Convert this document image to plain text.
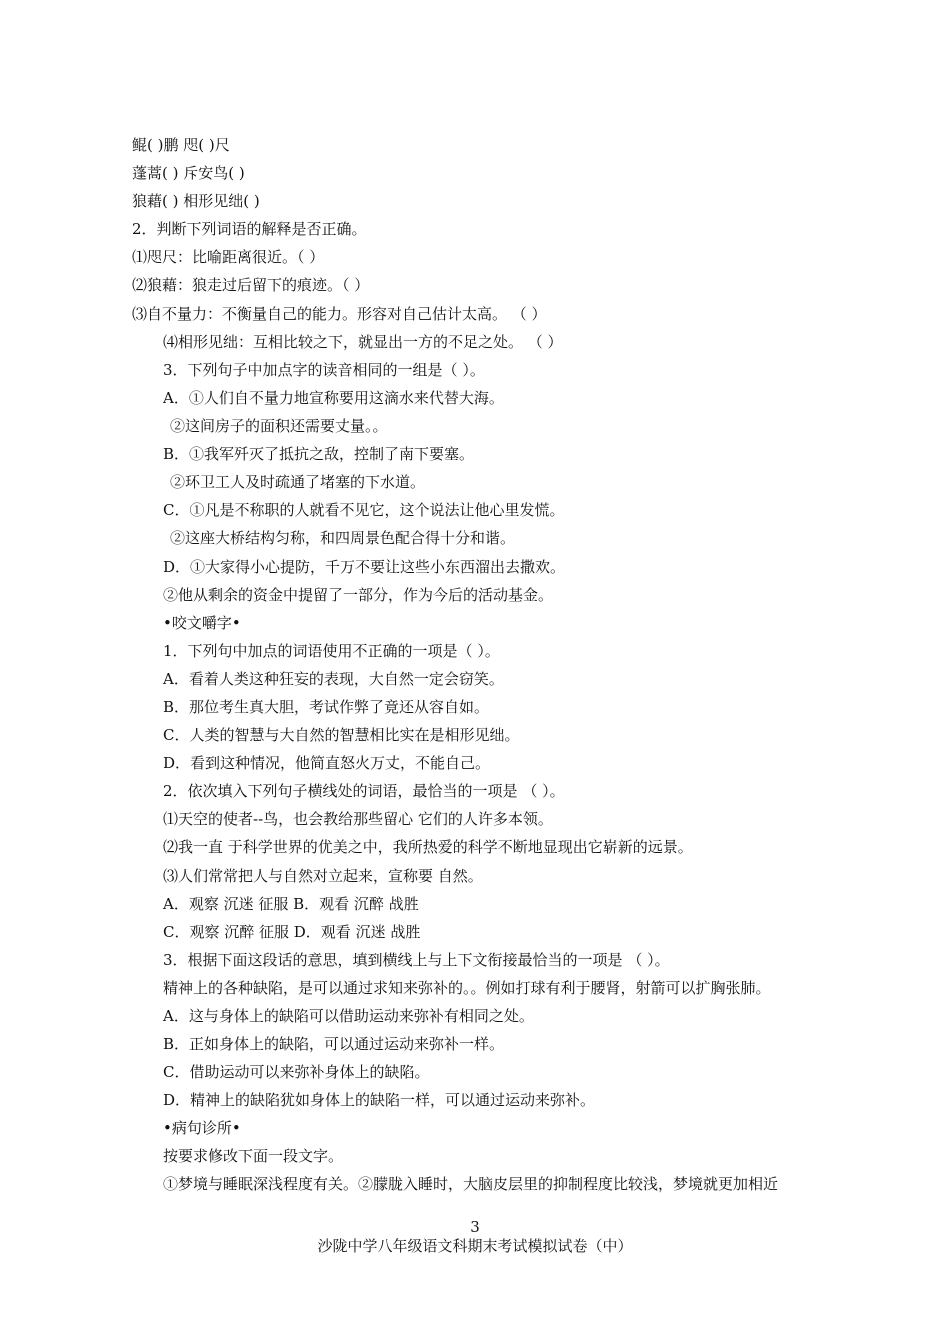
鲲( )鹏 咫( )尺
蓬蒿( ) 斥安鸟( )
狼藉( ) 相形见绌( )
2．判断下列词语的解释是否正确。
⑴咫尺：比喻距离很近。（ ）
⑵狼藉：狼走过后留下的痕迹。（ ）
⑶自不量力：不衡量自己的能力。形容对自己估计太高。 （ ）
⑷相形见绌：互相比较之下，就显出一方的不足之处。 （ ）
3．下列句子中加点字的读音相同的一组是（ ）。
A．①人们自不量力地宣称要用这滴水来代替大海。
②这间房子的面积还需要丈量。。
B．①我军歼灭了抵抗之敌，控制了南下要塞。
②环卫工人及时疏通了堵塞的下水道。
C．①凡是不称职的人就看不见它，这个说法让他心里发慌。
②这座大桥结构匀称，和四周景色配合得十分和谐。
D．①大家得小心提防，千万不要让这些小东西溜出去撒欢。
②他从剩余的资金中提留了一部分，作为今后的活动基金。
•咬文嚼字•
1．下列句中加点的词语使用不正确的一项是（ ）。
A．看着人类这种狂妄的表现，大自然一定会窃笑。
B．那位考生真大胆，考试作弊了竟还从容自如。
C．人类的智慧与大自然的智慧相比实在是相形见绌。
D．看到这种情况，他简直怒火万丈，不能自己。
2．依次填入下列句子横线处的词语，最恰当的一项是 （ ）。
⑴天空的使者--鸟，也会教给那些留心 它们的人许多本领。
⑵我一直 于科学世界的优美之中，我所热爱的科学不断地显现出它崭新的远景。
⑶人们常常把人与自然对立起来，宣称要 自然。
A．观察 沉迷 征服 B．观看 沉醉 战胜
C．观察 沉醉 征服 D．观看 沉迷 战胜
3．根据下面这段话的意思，填到横线上与上下文衔接最恰当的一项是 （ ）。
精神上的各种缺陷，是可以通过求知来弥补的。。例如打球有利于腰肾，射箭可以扩胸张肺。
A．这与身体上的缺陷可以借助运动来弥补有相同之处。
B．正如身体上的缺陷，可以通过运动来弥补一样。
C．借助运动可以来弥补身体上的缺陷。
D．精神上的缺陷犹如身体上的缺陷一样，可以通过运动来弥补。
•病句诊所•
按要求修改下面一段文字。
①梦境与睡眠深浅程度有关。②朦胧入睡时，大脑皮层里的抑制程度比较浅，梦境就更加相近
3
沙陇中学八年级语文科期末考试模拟试卷（中）
